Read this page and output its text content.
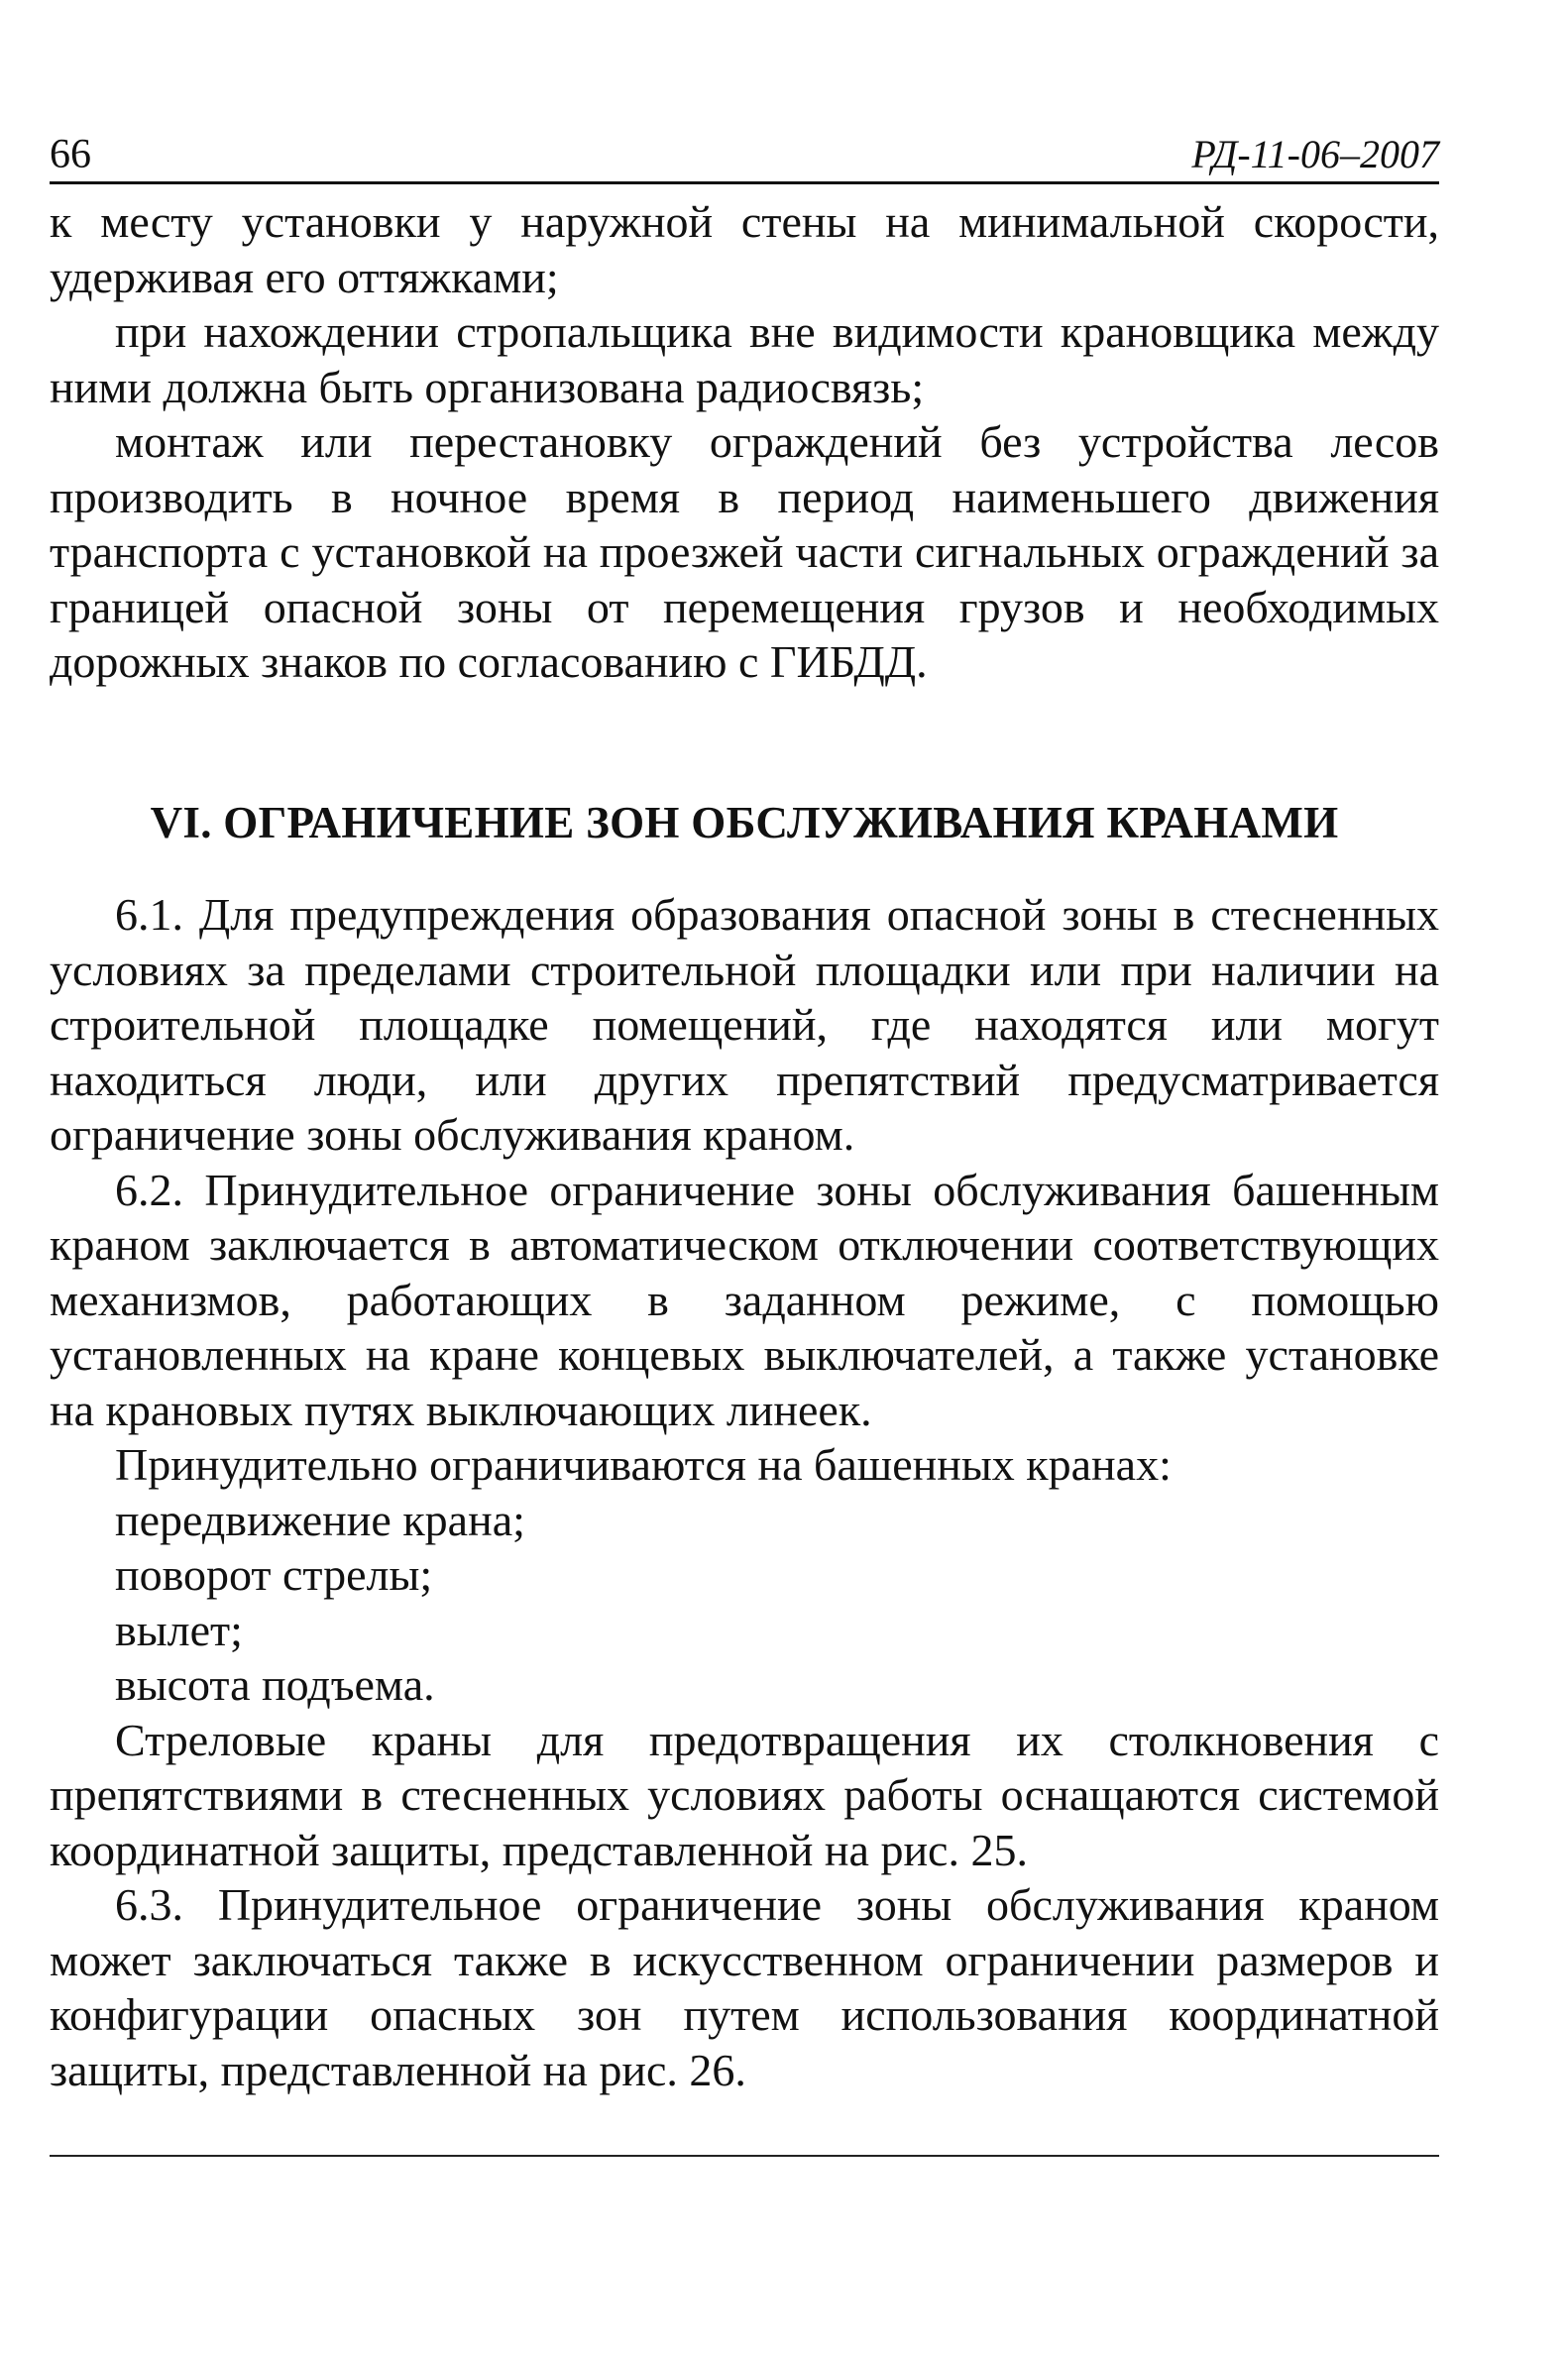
66	РД-11-06–2007

к месту установки у наружной стены на минимальной скорости, удерживая его оттяжками;

при нахождении стропальщика вне видимости крановщика между ними должна быть организована радиосвязь;

монтаж или перестановку ограждений без устройства лесов производить в ночное время в период наименьшего движения транспорта с установкой на проезжей части сигнальных ограждений за границей опасной зоны от перемещения грузов и необходимых дорожных знаков по согласованию с ГИБДД.

VI. ОГРАНИЧЕНИЕ ЗОН ОБСЛУЖИВАНИЯ КРАНАМИ

6.1. Для предупреждения образования опасной зоны в стесненных условиях за пределами строительной площадки или при наличии на строительной площадке помещений, где находятся или могут находиться люди, или других препятствий предусматривается ограничение зоны обслуживания краном.

6.2. Принудительное ограничение зоны обслуживания башенным краном заключается в автоматическом отключении соответствующих механизмов, работающих в заданном режиме, с помощью установленных на кране концевых выключателей, а также установке на крановых путях выключающих линеек.

Принудительно ограничиваются на башенных кранах:

передвижение крана;

поворот стрелы;

вылет;

высота подъема.

Стреловые краны для предотвращения их столкновения с препятствиями в стесненных условиях работы оснащаются системой координатной защиты, представленной на рис. 25.

6.3. Принудительное ограничение зоны обслуживания краном может заключаться также в искусственном ограничении размеров и конфигурации опасных зон путем использования координатной защиты, представленной на рис. 26.
